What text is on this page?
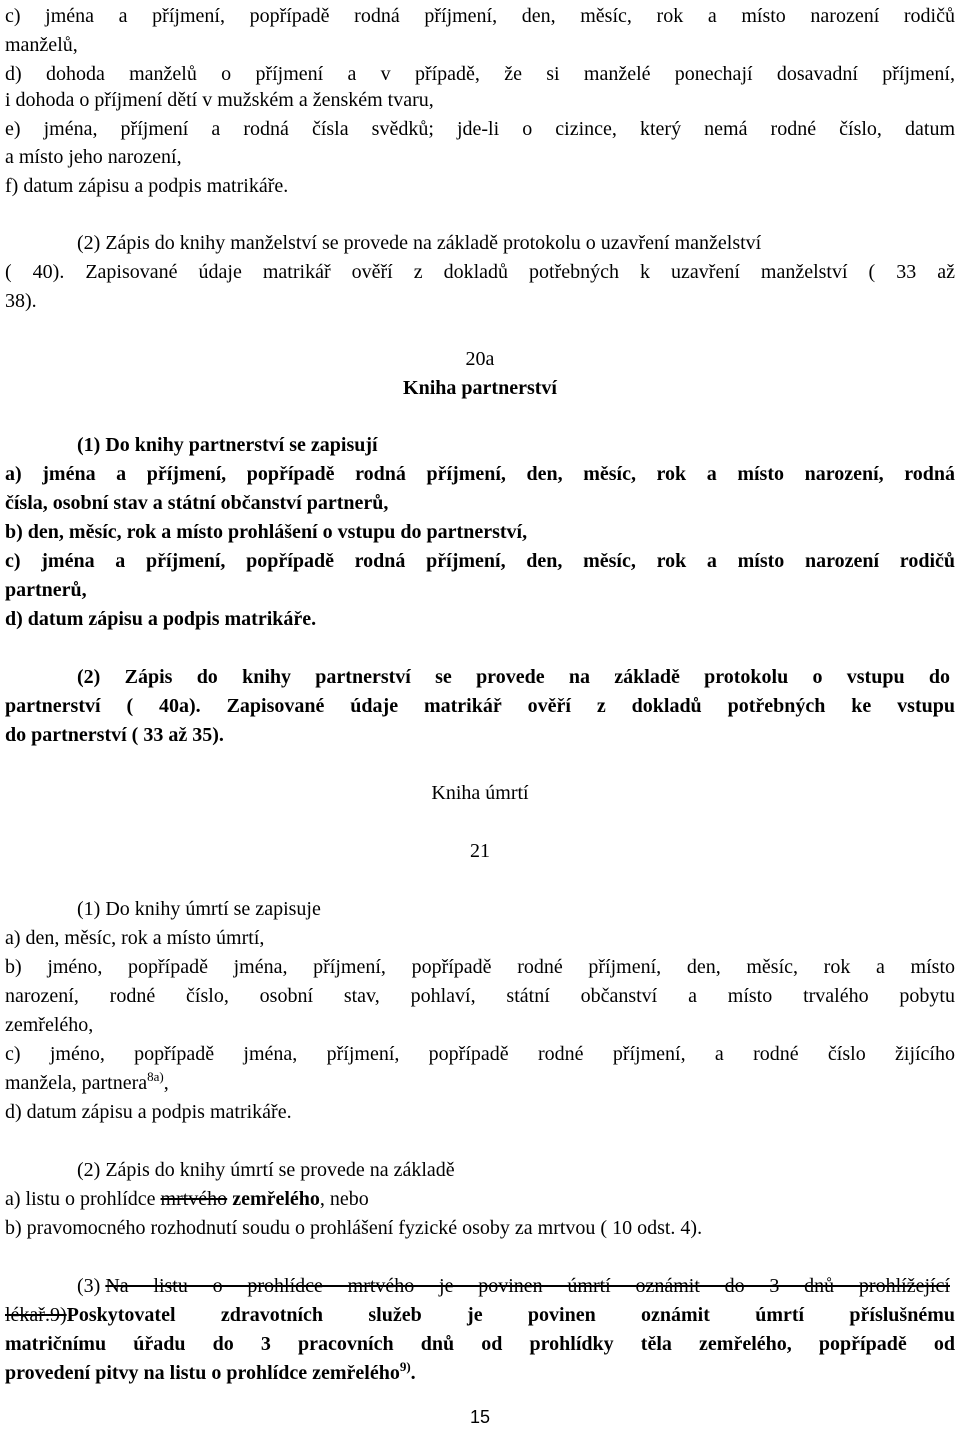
c) jména a příjmení, popřípadě rodná příjmení, den, měsíc, rok a místo narození rodičů
manželů,
d) dohoda manželů o příjmení a v případě, že si manželé ponechají dosavadní příjmení,
i dohoda o příjmení dětí v mužském a ženském tvaru,
e) jména, příjmení a rodná čísla svědků; jde-li o cizince, který nemá rodné číslo, datum
a místo jeho narození,
f) datum zápisu a podpis matrikáře.
(2) Zápis do knihy manželství se provede na základě protokolu o uzavření manželství
( 40). Zapisované údaje matrikář ověří z dokladů potřebných k uzavření manželství ( 33 až
38).
20a
Kniha partnerství
(1) Do knihy partnerství se zapisují
a) jména a příjmení, popřípadě rodná příjmení, den, měsíc, rok a místo narození, rodná
čísla, osobní stav a státní občanství partnerů,
b) den, měsíc, rok a místo prohlášení o vstupu do partnerství,
c) jména a příjmení, popřípadě rodná příjmení, den, měsíc, rok a místo narození rodičů
partnerů,
d) datum zápisu a podpis matrikáře.
(2) Zápis do knihy partnerství se provede na základě protokolu o vstupu do
partnerství ( 40a). Zapisované údaje matrikář ověří z dokladů potřebných ke vstupu
do partnerství ( 33 až 35).
Kniha úmrtí
21
(1) Do knihy úmrtí se zapisuje
a) den, měsíc, rok a místo úmrtí,
b) jméno, popřípadě jména, příjmení, popřípadě rodné příjmení, den, měsíc, rok a místo
narození, rodné číslo, osobní stav, pohlaví, státní občanství a místo trvalého pobytu
zemřelého,
c) jméno, popřípadě jména, příjmení, popřípadě rodné příjmení, a rodné číslo žijícího
manžela, partnera$^{8a)}$,
d) datum zápisu a podpis matrikáře.
(2) Zápis do knihy úmrtí se provede na základě
a) listu o prohlídce mrtvého zemřelého, nebo
b) pravomocného rozhodnutí soudu o prohlášení fyzické osoby za mrtvou ( 10 odst. 4).
(3) Na listu o prohlídce mrtvého je povinen úmrtí oznámit do 3 dnů prohlížející
lékař.9) Poskytovatel zdravotních služeb je povinen oznámit úmrtí příslušnému
matričnímu úřadu do 3 pracovních dnů od prohlídky těla zemřelého, popřípadě od
provedení pitvy na listu o prohlídce zemřelého$^{9)}$.
15
